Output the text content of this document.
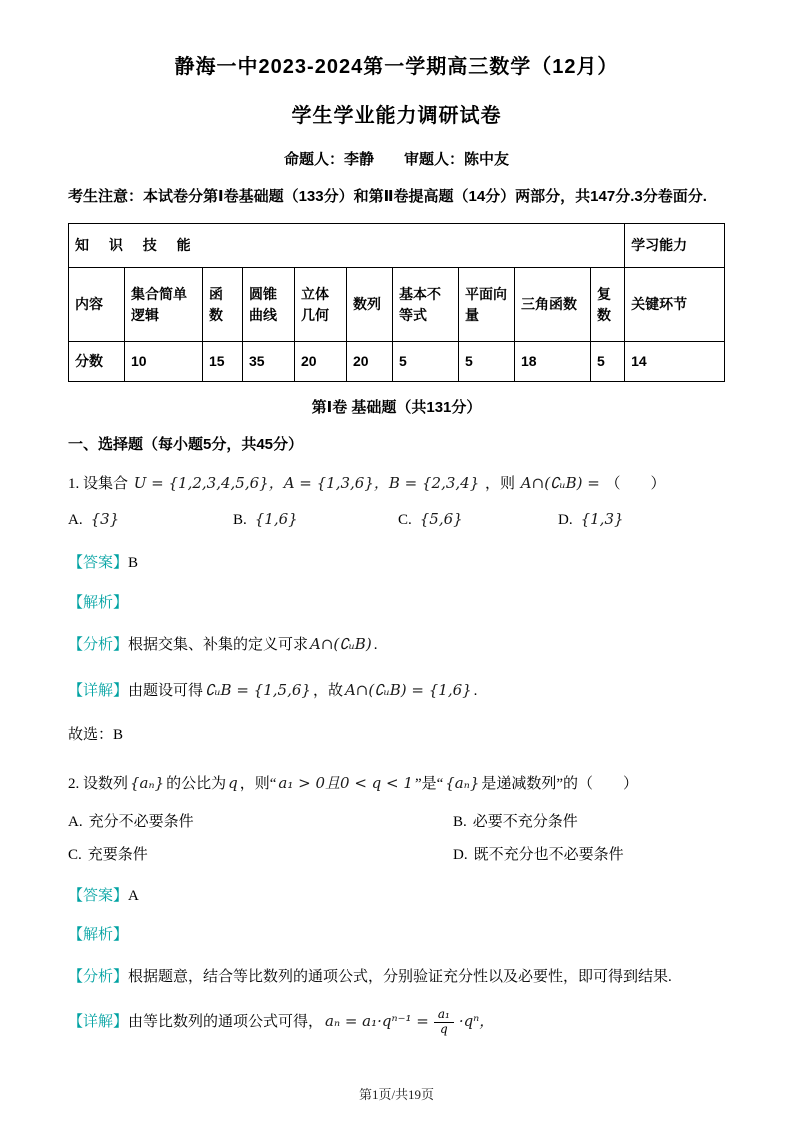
静海一中2023-2024第一学期高三数学（12月）
学生学业能力调研试卷
命题人：李静　　审题人：陈中友
考生注意：本试卷分第Ⅰ卷基础题（133分）和第Ⅱ卷提高题（14分）两部分，共147分.3分卷面分.
知 识 技 能										学习能力
内容	集合简单逻辑	函数	圆锥曲线	立体几何	数列	基本不等式	平面向量	三角函数	复数	关键环节
分数	10	15	35	20	20	5	5	18	5	14
第Ⅰ卷 基础题（共131分）
一、选择题（每小题5分，共45分）

1. 设集合 U = {1,2,3,4,5,6}，A = {1,3,6}，B = {2,3,4} ，则 A∩(∁ᵤB) = （　　）

A. {3}	B. {1,6}	C. {5,6}	D. {1,3}

【答案】B

【解析】

【分析】根据交集、补集的定义可求 A∩(∁ᵤB) .

【详解】由题设可得 ∁ᵤB = {1,5,6} ，故 A∩(∁ᵤB) = {1,6} .

故选：B

2. 设数列 {aₙ} 的公比为 q ，则“ a₁ > 0且0 < q < 1 ”是“ {aₙ} 是递减数列”的（　　）

A. 充分不必要条件	B. 必要不充分条件
C. 充要条件	D. 既不充分也不必要条件

【答案】A

【解析】

【分析】根据题意，结合等比数列的通项公式，分别验证充分性以及必要性，即可得到结果.

【详解】由等比数列的通项公式可得， $a_n = a_1\cdot q^{n-1} = \frac{\text{a₁}}{q} \cdot q^n$，

第1页/共19页
